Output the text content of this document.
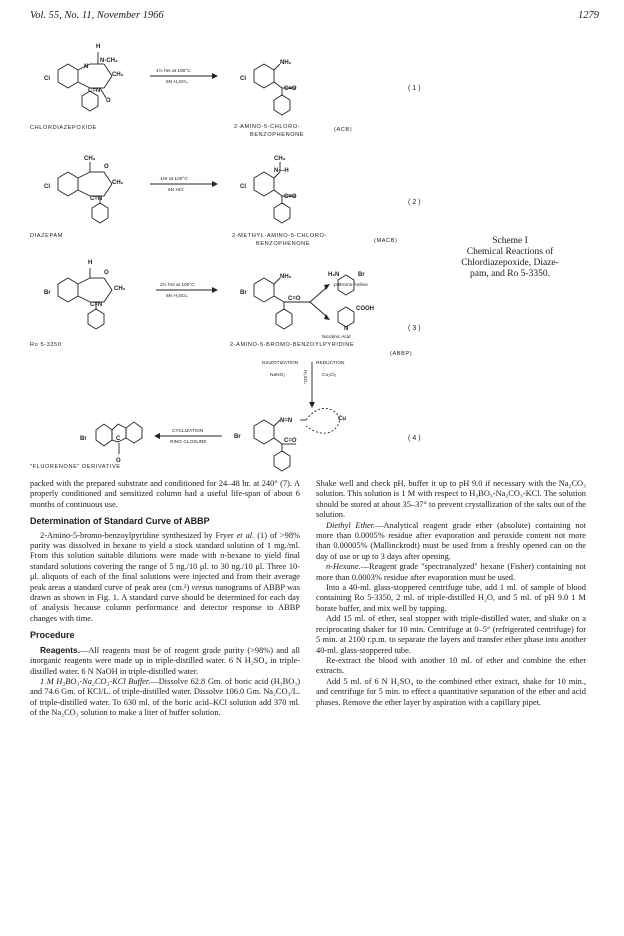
Vol. 55, No. 11, November 1966	1279
H
N-CH₃
Cl
N
CH₂
C=N
O
Cl
NH₂
C=O
CH₃
O
Cl
CH₂
C=N
CH₃
N—H
Cl
C=O
H
O
Br
CH₂
C=N
Br
NH₂
C=O
H₂N	Br
COOH
N
Br
N=N	Cu
C=O
Br	C
O
1½ hrs at 100°C
6N H₂SO₄
1Hr at 100°C
6N HCl
2½ hrs at 100°C
6N H₂SO₄
p-Bromo Aniline
Nicotinic Acid
DIAZOTIZATION
NaNO₂
REDUCTION
Cu₂Cl₂
H₂SO₄
CYCLIZATION
RING CLOSURE
CHLORDIAZEPOXIDE	2-AMINO-5-CHLORO-
BENZOPHENONE
(ACB)
DIAZEPAM	2-METHYL-AMINO-5-CHLORO-
BENZOPHENONE	(MACB)
Ro 5-3350	2-AMINO-5-BROMO-BENZOYLPYRIDINE
(ABBP)
"FLUORENONE" DERIVATIVE
(1)
(2)
(3)
(4)
Scheme I
Chemical Reactions of
Chlordiazepoxide, Diaze-
pam, and Ro 5-3350.

packed with the prepared substrate and conditioned for 24–48 hr. at 240° (7). A properly conditioned and sensitized column had a useful life-span of about 6 months of continuous use.

Determination of Standard Curve of ABBP

2-Amino-5-bromo-benzoylpyridine synthesized by Fryer et al. (1) of >98% purity was dissolved in hexane to yield a stock standard solution of 1 mg./ml. From this solution suitable dilutions were made with n-hexane to yield final standard solutions covering the range of 5 ng./10 μl. to 30 ng./10 μl. Three 10-μl. aliquots of each of the final solutions were injected and from their average peak areas a standard curve of peak area (cm.²) versus nanograms of ABBP was drawn as shown in Fig. 1. A standard curve should be determined for each day of analysis because column performance and detector response to ABBP changes with time.

Procedure

Reagents.—All reagents must be of reagent grade purity (>98%) and all inorganic reagents were made up in triple-distilled water. 6 N H₂SO₄ in triple-distilled water. 6 N NaOH in triple-distilled water.

1 M H₃BO₃-Na₂CO₃-KCl Buffer.—Dissolve 62.8 Gm. of boric acid (H₃BO₃) and 74.6 Gm. of KCl/L. of triple-distilled water. Dissolve 106.0 Gm. Na₂CO₃/L. of triple-distilled water. To 630 ml. of the boric acid–KCl solution add 370 ml. of the Na₂CO₃ solution to make a liter of buffer solution.

Shake well and check pH, buffer it up to pH 9.0 if necessary with the Na₂CO₃ solution. This solution is 1 M with respect to H₃BO₃-Na₂CO₃-KCl. The solution should be stored at about 35–37° to prevent crystallization of the salts out of the solution.

Diethyl Ether.—Analytical reagent grade ether (absolute) containing not more than 0.0005% residue after evaporation and peroxide content not more than 0.00005% (Mallinckrodt) must be used from a freshly opened can on the day of use or up to 3 days after opening.

n-Hexane.—Reagent grade "spectranalyzed" hexane (Fisher) containing not more than 0.0003% residue after evaporation must be used.

Into a 40-ml. glass-stoppered centrifuge tube, add 1 ml. of sample of blood containing Ro 5-3350, 2 ml. of triple-distilled H₂O, and 5 ml. of pH 9.0 1 M borate buffer, and mix well by tapping.

Add 15 ml. of ether, seal stopper with triple-distilled water, and shake on a reciprocating shaker for 10 min. Centrifuge at 0–5° (refrigerated centrifuge) for 5 min. at 2100 r.p.m. to separate the layers and transfer ether phase into another 40-ml. glass-stoppered tube.

Re-extract the blood with another 10 ml. of ether and combine the ether extracts.

Add 5 ml. of 6 N H₂SO₄ to the combined ether extract, shake for 10 min., and centrifuge for 5 min. to effect a quantitative separation of the ether and acid phases. Remove the ether layer by aspiration with a capillary pipet.
